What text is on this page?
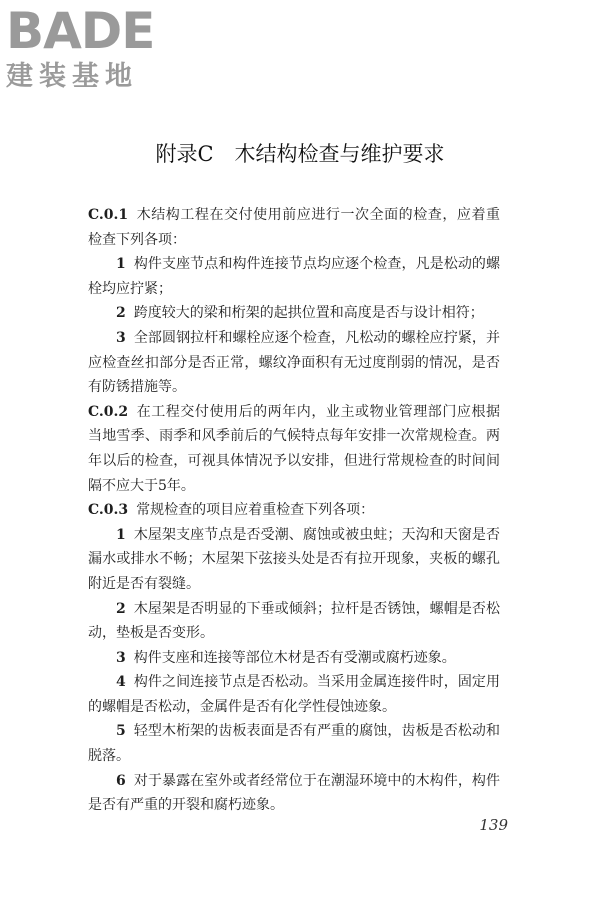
BADE
建装基地
附录C　木结构检查与维护要求

C.0.1 木结构工程在交付使用前应进行一次全面的检查，应着重检查下列各项：

1 构件支座节点和构件连接节点均应逐个检查，凡是松动的螺栓均应拧紧；

2 跨度较大的梁和桁架的起拱位置和高度是否与设计相符；

3 全部圆钢拉杆和螺栓应逐个检查，凡松动的螺栓应拧紧，并应检查丝扣部分是否正常，螺纹净面积有无过度削弱的情况，是否有防锈措施等。

C.0.2 在工程交付使用后的两年内，业主或物业管理部门应根据当地雪季、雨季和风季前后的气候特点每年安排一次常规检查。两年以后的检查，可视具体情况予以安排，但进行常规检查的时间间隔不应大于5年。

C.0.3 常规检查的项目应着重检查下列各项：

1 木屋架支座节点是否受潮、腐蚀或被虫蛀；天沟和天窗是否漏水或排水不畅；木屋架下弦接头处是否有拉开现象，夹板的螺孔附近是否有裂缝。

2 木屋架是否明显的下垂或倾斜；拉杆是否锈蚀，螺帽是否松动，垫板是否变形。

3 构件支座和连接等部位木材是否有受潮或腐朽迹象。

4 构件之间连接节点是否松动。当采用金属连接件时，固定用的螺帽是否松动，金属件是否有化学性侵蚀迹象。

5 轻型木桁架的齿板表面是否有严重的腐蚀，齿板是否松动和脱落。

6 对于暴露在室外或者经常位于在潮湿环境中的木构件，构件是否有严重的开裂和腐朽迹象。

139
